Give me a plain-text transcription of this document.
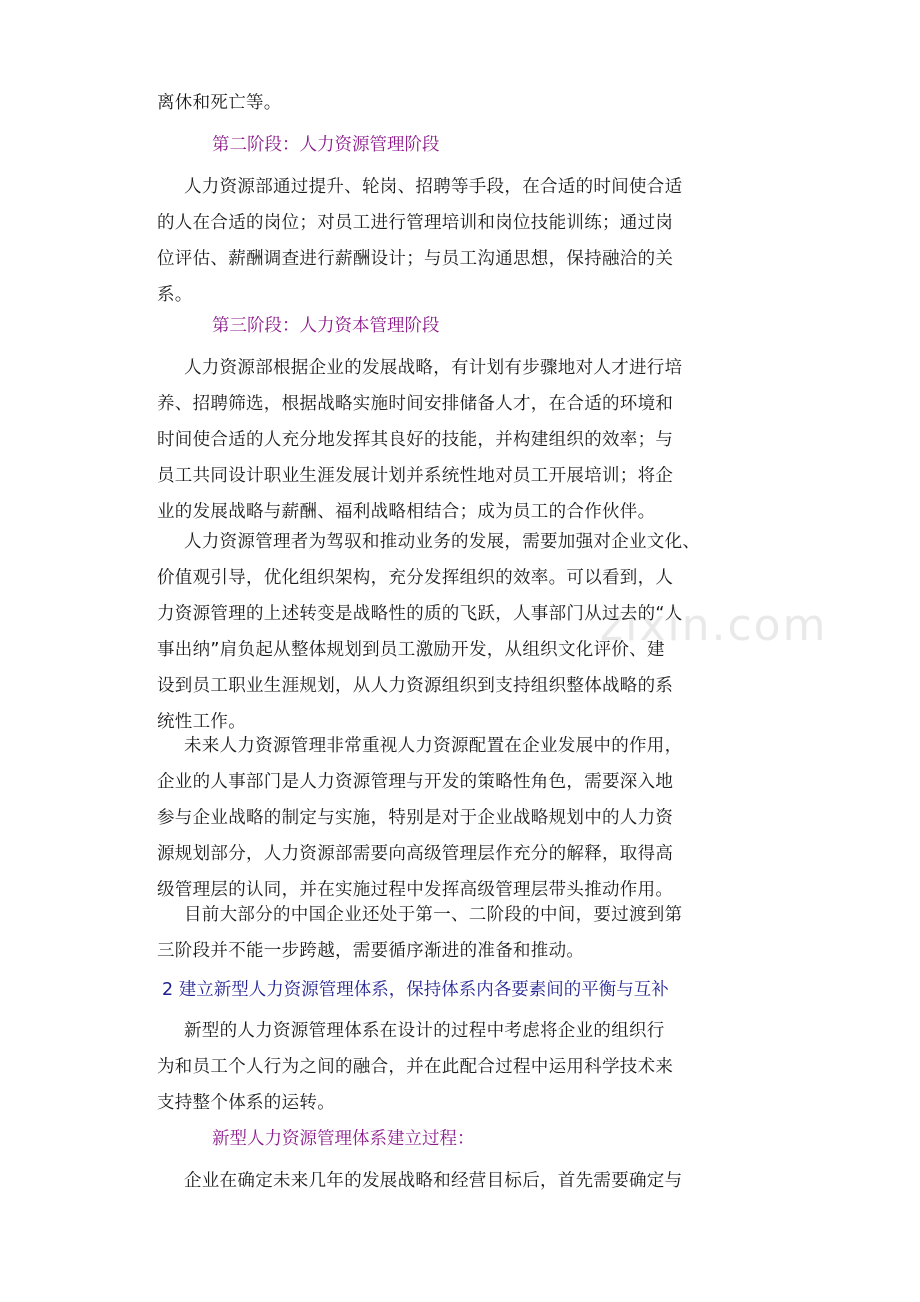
zixin.com
离休和死亡等。
第二阶段：人力资源管理阶段
人力资源部通过提升、轮岗、招聘等手段，在合适的时间使合适
的人在合适的岗位；对员工进行管理培训和岗位技能训练；通过岗
位评估、薪酬调查进行薪酬设计；与员工沟通思想，保持融洽的关
系。
第三阶段：人力资本管理阶段
人力资源部根据企业的发展战略，有计划有步骤地对人才进行培
养、招聘筛选，根据战略实施时间安排储备人才，在合适的环境和
时间使合适的人充分地发挥其良好的技能，并构建组织的效率；与
员工共同设计职业生涯发展计划并系统性地对员工开展培训；将企
业的发展战略与薪酬、福利战略相结合；成为员工的合作伙伴。
人力资源管理者为驾驭和推动业务的发展，需要加强对企业文化、
价值观引导，优化组织架构，充分发挥组织的效率。可以看到，人
力资源管理的上述转变是战略性的质的飞跃，人事部门从过去的“人
事出纳”肩负起从整体规划到员工激励开发，从组织文化评价、建
设到员工职业生涯规划，从人力资源组织到支持组织整体战略的系
统性工作。
未来人力资源管理非常重视人力资源配置在企业发展中的作用，
企业的人事部门是人力资源管理与开发的策略性角色，需要深入地
参与企业战略的制定与实施，特别是对于企业战略规划中的人力资
源规划部分，人力资源部需要向高级管理层作充分的解释，取得高
级管理层的认同，并在实施过程中发挥高级管理层带头推动作用。
目前大部分的中国企业还处于第一、二阶段的中间，要过渡到第
三阶段并不能一步跨越，需要循序渐进的准备和推动。
2 建立新型人力资源管理体系，保持体系内各要素间的平衡与互补
新型的人力资源管理体系在设计的过程中考虑将企业的组织行
为和员工个人行为之间的融合，并在此配合过程中运用科学技术来
支持整个体系的运转。
新型人力资源管理体系建立过程：
企业在确定未来几年的发展战略和经营目标后，首先需要确定与
